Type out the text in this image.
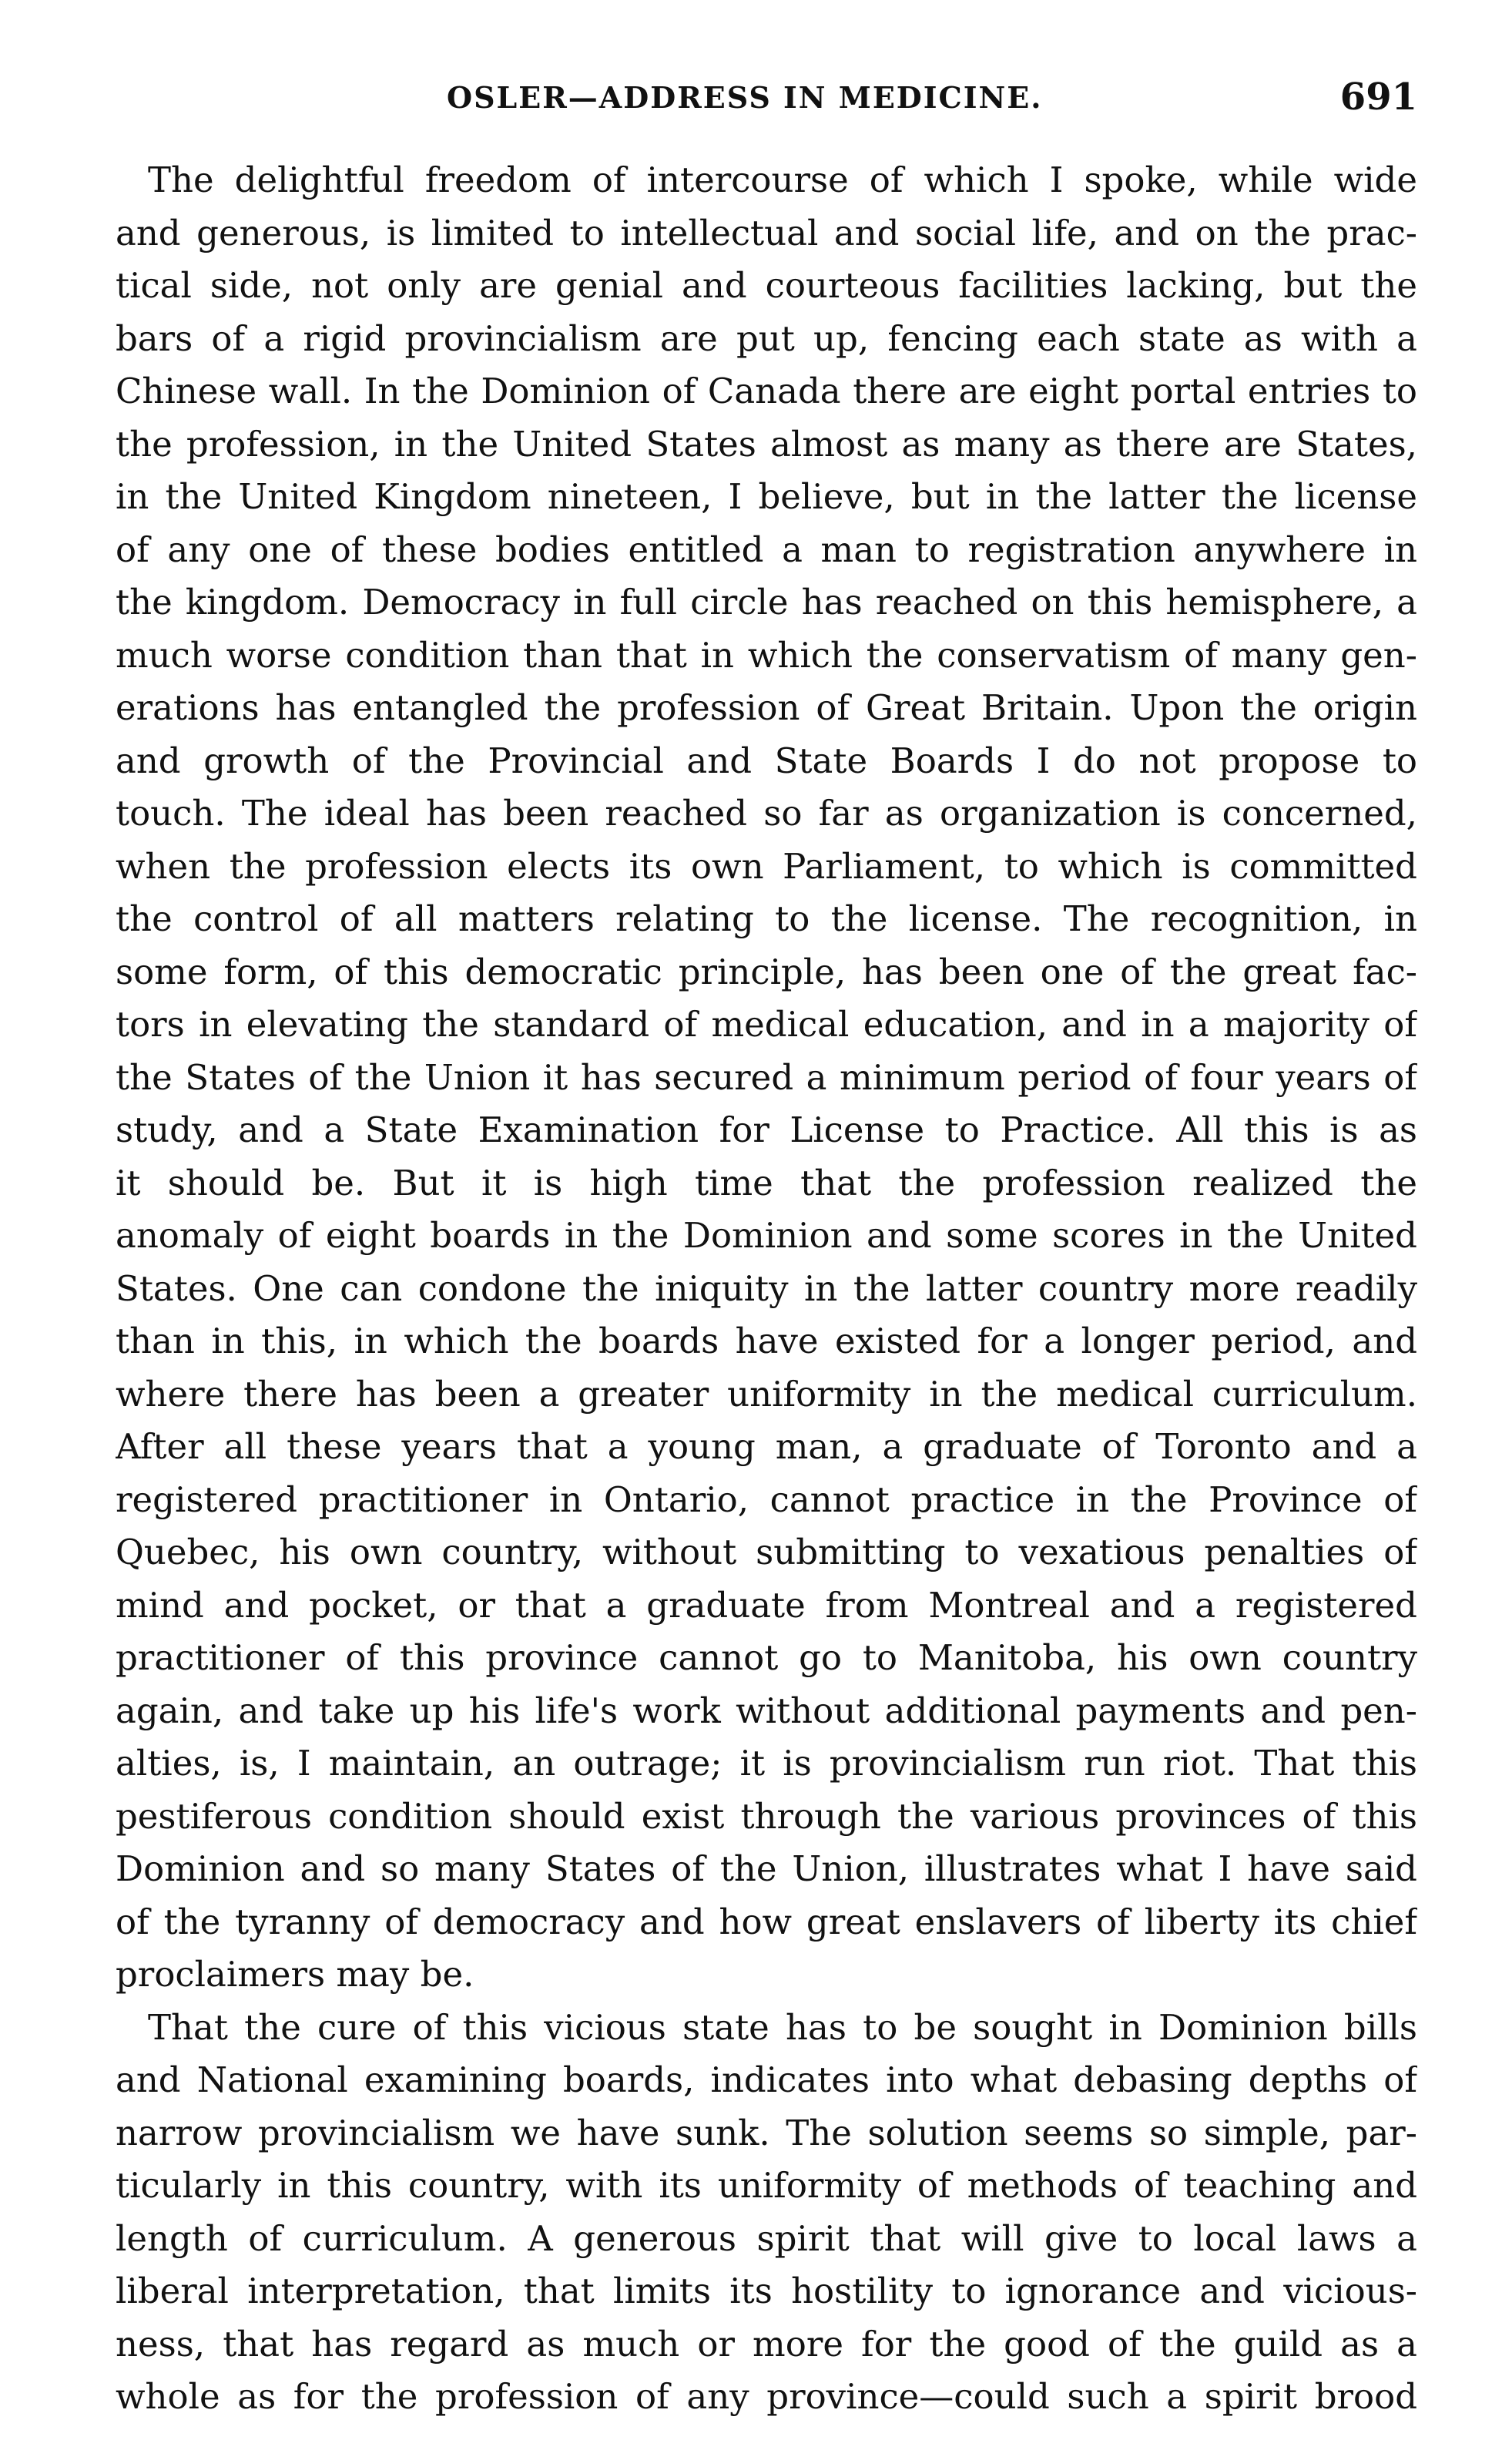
OSLER—ADDRESS IN MEDICINE.	691
The delightful freedom of intercourse of which I spoke, while wide
and generous, is limited to intellectual and social life, and on the prac-
tical side, not only are genial and courteous facilities lacking, but the
bars of a rigid provincialism are put up, fencing each state as with a
Chinese wall. In the Dominion of Canada there are eight portal entries to
the profession, in the United States almost as many as there are States,
in the United Kingdom nineteen, I believe, but in the latter the license
of any one of these bodies entitled a man to registration anywhere in
the kingdom. Democracy in full circle has reached on this hemisphere, a
much worse condition than that in which the conservatism of many gen-
erations has entangled the profession of Great Britain. Upon the origin
and growth of the Provincial and State Boards I do not propose to
touch. The ideal has been reached so far as organization is concerned,
when the profession elects its own Parliament, to which is committed
the control of all matters relating to the license. The recognition, in
some form, of this democratic principle, has been one of the great fac-
tors in elevating the standard of medical education, and in a majority of
the States of the Union it has secured a minimum period of four years of
study, and a State Examination for License to Practice. All this is as
it should be. But it is high time that the profession realized the
anomaly of eight boards in the Dominion and some scores in the United
States. One can condone the iniquity in the latter country more readily
than in this, in which the boards have existed for a longer period, and
where there has been a greater uniformity in the medical curriculum.
After all these years that a young man, a graduate of Toronto and a
registered practitioner in Ontario, cannot practice in the Province of
Quebec, his own country, without submitting to vexatious penalties of
mind and pocket, or that a graduate from Montreal and a registered
practitioner of this province cannot go to Manitoba, his own country
again, and take up his life's work without additional payments and pen-
alties, is, I maintain, an outrage; it is provincialism run riot. That this
pestiferous condition should exist through the various provinces of this
Dominion and so many States of the Union, illustrates what I have said
of the tyranny of democracy and how great enslavers of liberty its chief
proclaimers may be.
That the cure of this vicious state has to be sought in Dominion bills
and National examining boards, indicates into what debasing depths of
narrow provincialism we have sunk. The solution seems so simple, par-
ticularly in this country, with its uniformity of methods of teaching and
length of curriculum. A generous spirit that will give to local laws a
liberal interpretation, that limits its hostility to ignorance and vicious-
ness, that has regard as much or more for the good of the guild as a
whole as for the profession of any province—could such a spirit brood
